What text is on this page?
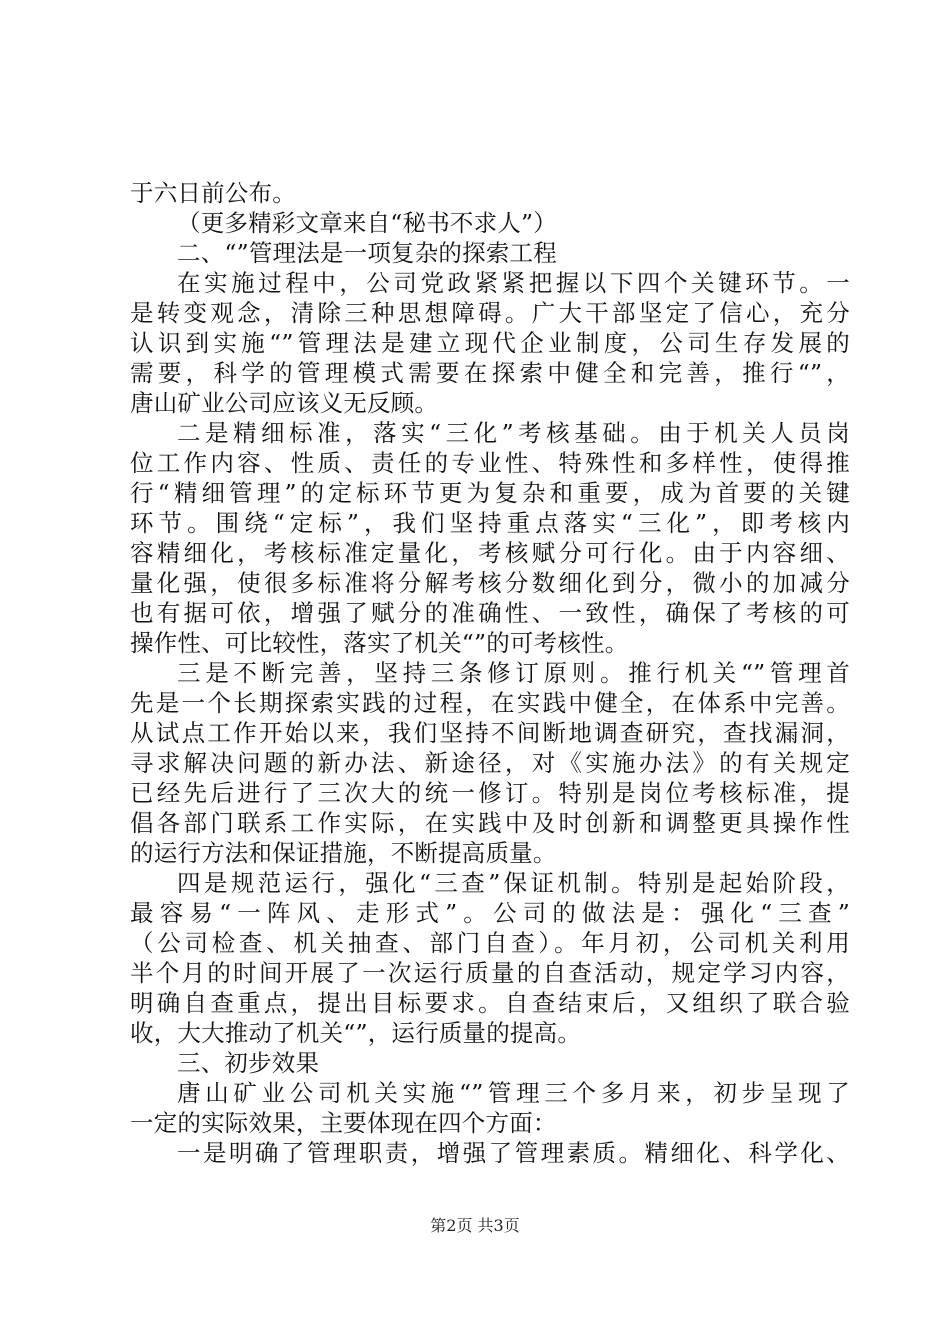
于六日前公布。
（更多精彩文章来自“秘书不求人”）
二、“”管理法是一项复杂的探索工程
在实施过程中，公司党政紧紧把握以下四个关键环节。一
是转变观念，清除三种思想障碍。广大干部坚定了信心，充分
认识到实施“”管理法是建立现代企业制度，公司生存发展的
需要，科学的管理模式需要在探索中健全和完善，推行“”，
唐山矿业公司应该义无反顾。
二是精细标准，落实“三化”考核基础。由于机关人员岗
位工作内容、性质、责任的专业性、特殊性和多样性，使得推
行“精细管理”的定标环节更为复杂和重要，成为首要的关键
环节。围绕“定标”，我们坚持重点落实“三化”，即考核内
容精细化，考核标准定量化，考核赋分可行化。由于内容细、
量化强，使很多标准将分解考核分数细化到分，微小的加减分
也有据可依，增强了赋分的准确性、一致性，确保了考核的可
操作性、可比较性，落实了机关“”的可考核性。
三是不断完善，坚持三条修订原则。推行机关“”管理首
先是一个长期探索实践的过程，在实践中健全，在体系中完善。
从试点工作开始以来，我们坚持不间断地调查研究，查找漏洞，
寻求解决问题的新办法、新途径，对《实施办法》的有关规定
已经先后进行了三次大的统一修订。特别是岗位考核标准，提
倡各部门联系工作实际，在实践中及时创新和调整更具操作性
的运行方法和保证措施，不断提高质量。
四是规范运行，强化“三查”保证机制。特别是起始阶段，
最容易“一阵风、走形式”。公司的做法是：强化“三查”
（公司检查、机关抽查、部门自查）。年月初，公司机关利用
半个月的时间开展了一次运行质量的自查活动，规定学习内容，
明确自查重点，提出目标要求。自查结束后，又组织了联合验
收，大大推动了机关“”，运行质量的提高。
三、初步效果
唐山矿业公司机关实施“”管理三个多月来，初步呈现了
一定的实际效果，主要体现在四个方面：
一是明确了管理职责，增强了管理素质。精细化、科学化、
第2页 共3页
